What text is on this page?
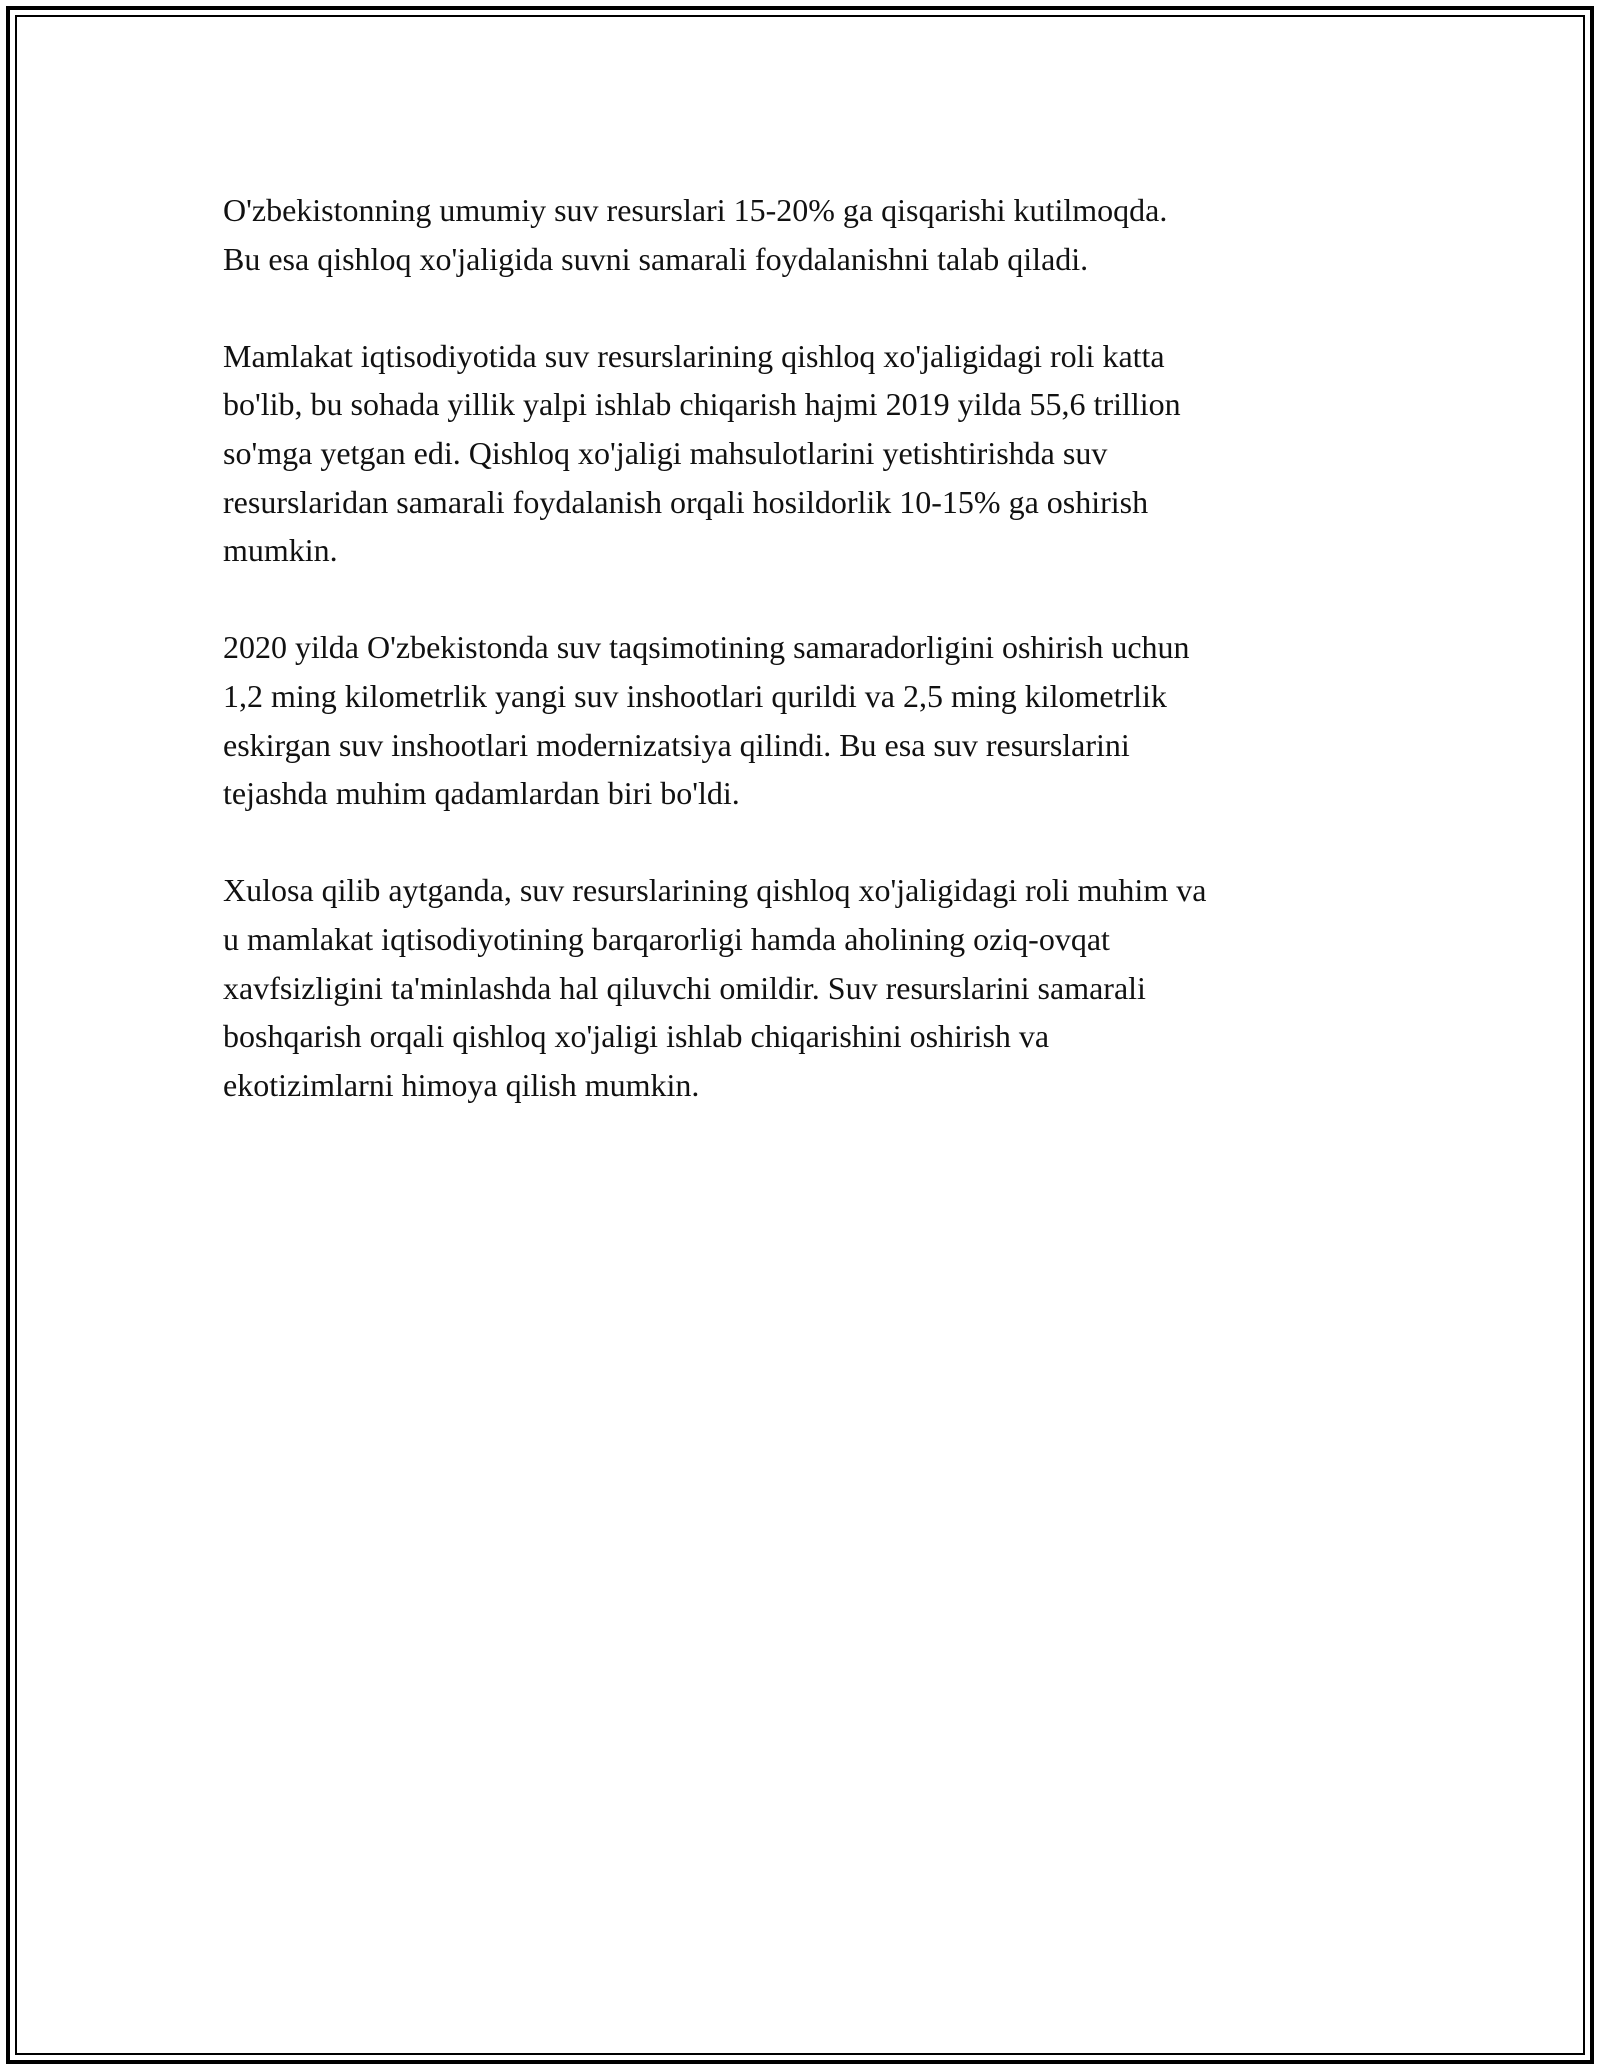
O'zbekistonning umumiy suv resurslari 15-20% ga qisqarishi kutilmoqda.
Bu esa qishloq xo'jaligida suvni samarali foydalanishni talab qiladi.

Mamlakat iqtisodiyotida suv resurslarining qishloq xo'jaligidagi roli katta
bo'lib, bu sohada yillik yalpi ishlab chiqarish hajmi 2019 yilda 55,6 trillion
so'mga yetgan edi. Qishloq xo'jaligi mahsulotlarini yetishtirishda suv
resurslaridan samarali foydalanish orqali hosildorlik 10-15% ga oshirish
mumkin.

2020 yilda O'zbekistonda suv taqsimotining samaradorligini oshirish uchun
1,2 ming kilometrlik yangi suv inshootlari qurildi va 2,5 ming kilometrlik
eskirgan suv inshootlari modernizatsiya qilindi. Bu esa suv resurslarini
tejashda muhim qadamlardan biri bo'ldi.

Xulosa qilib aytganda, suv resurslarining qishloq xo'jaligidagi roli muhim va
u mamlakat iqtisodiyotining barqarorligi hamda aholining oziq-ovqat
xavfsizligini ta'minlashda hal qiluvchi omildir. Suv resurslarini samarali
boshqarish orqali qishloq xo'jaligi ishlab chiqarishini oshirish va
ekotizimlarni himoya qilish mumkin.
